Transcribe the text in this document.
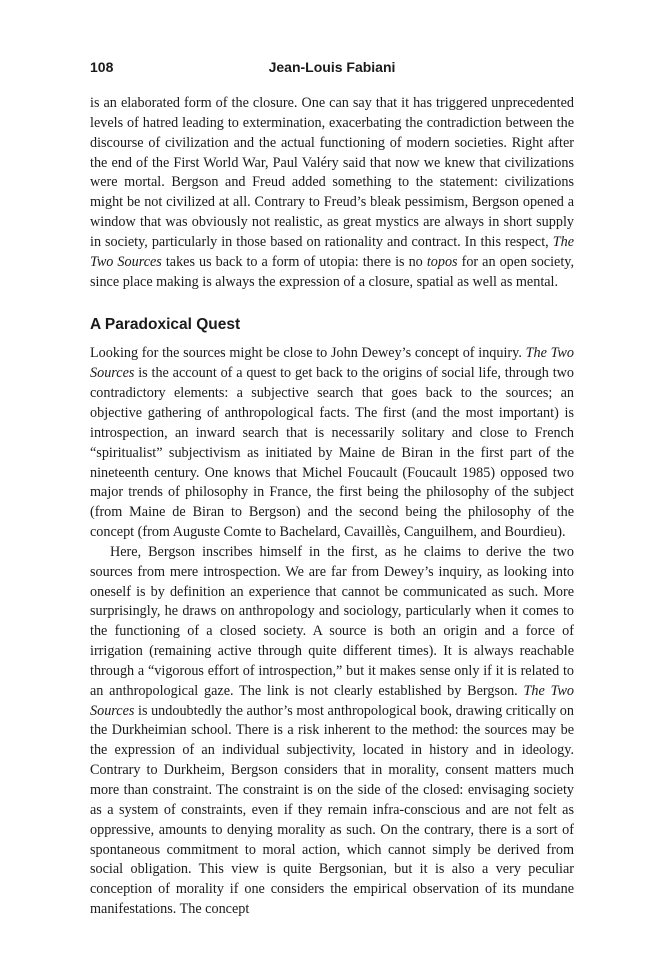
108	Jean-Louis Fabiani

is an elaborated form of the closure. One can say that it has triggered unprecedented levels of hatred leading to extermination, exacerbating the contradiction between the discourse of civilization and the actual functioning of modern societies. Right after the end of the First World War, Paul Valéry said that now we knew that civilizations were mortal. Bergson and Freud added something to the statement: civilizations might be not civilized at all. Contrary to Freud’s bleak pessimism, Bergson opened a window that was obviously not realistic, as great mystics are always in short supply in society, particularly in those based on rationality and contract. In this respect, The Two Sources takes us back to a form of utopia: there is no topos for an open society, since place making is always the expression of a closure, spatial as well as mental.

A Paradoxical Quest

Looking for the sources might be close to John Dewey’s concept of inquiry. The Two Sources is the account of a quest to get back to the origins of social life, through two contradictory elements: a subjective search that goes back to the sources; an objective gathering of anthropological facts. The first (and the most important) is introspection, an inward search that is necessarily solitary and close to French “spiritualist” subjectivism as initiated by Maine de Biran in the first part of the nineteenth century. One knows that Michel Foucault (Foucault 1985) opposed two major trends of philosophy in France, the first being the philosophy of the subject (from Maine de Biran to Bergson) and the second being the philosophy of the concept (from Auguste Comte to Bachelard, Cavaillès, Canguilhem, and Bourdieu).

Here, Bergson inscribes himself in the first, as he claims to derive the two sources from mere introspection. We are far from Dewey’s inquiry, as looking into oneself is by definition an experience that cannot be communicated as such. More surprisingly, he draws on anthropology and sociology, particularly when it comes to the functioning of a closed society. A source is both an origin and a force of irrigation (remaining active through quite different times). It is always reachable through a “vigorous effort of introspection,” but it makes sense only if it is related to an anthropological gaze. The link is not clearly established by Bergson. The Two Sources is undoubtedly the author’s most anthropological book, drawing critically on the Durkheimian school. There is a risk inherent to the method: the sources may be the expression of an individual subjectivity, located in history and in ideology. Contrary to Durkheim, Bergson considers that in morality, consent matters much more than constraint. The constraint is on the side of the closed: envisaging society as a system of constraints, even if they remain infra-conscious and are not felt as oppressive, amounts to denying morality as such. On the contrary, there is a sort of spontaneous commitment to moral action, which cannot simply be derived from social obligation. This view is quite Bergsonian, but it is also a very peculiar conception of morality if one considers the empirical observation of its mundane manifestations. The concept
